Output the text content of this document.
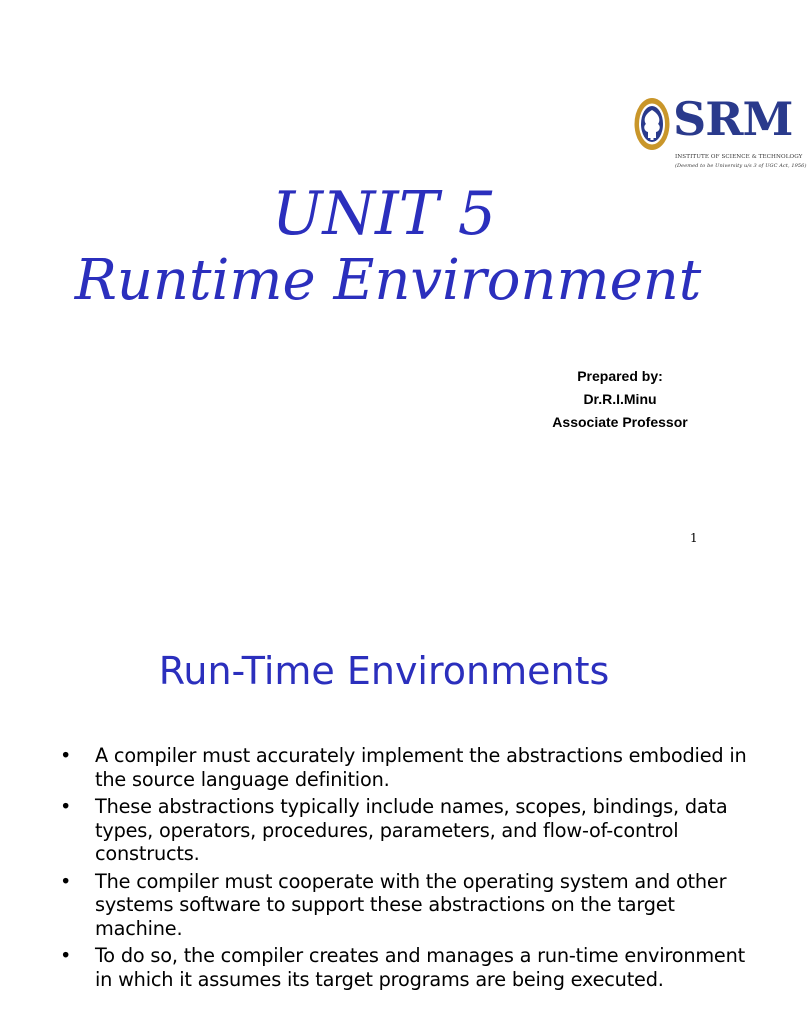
SRM
INSTITUTE OF SCIENCE & TECHNOLOGY
(Deemed to be University u/s 3 of UGC Act, 1956)
UNIT 5
Runtime Environment
Prepared by:
Dr.R.I.Minu
Associate Professor
1
Run-Time Environments
• A compiler must accurately implement the abstractions embodied in the source language definition.
• These abstractions typically include names, scopes, bindings, data types, operators, procedures, parameters, and flow-of-control constructs.
• The compiler must cooperate with the operating system and other systems software to support these abstractions on the target machine.
• To do so, the compiler creates and manages a run-time environment in which it assumes its target programs are being executed.
